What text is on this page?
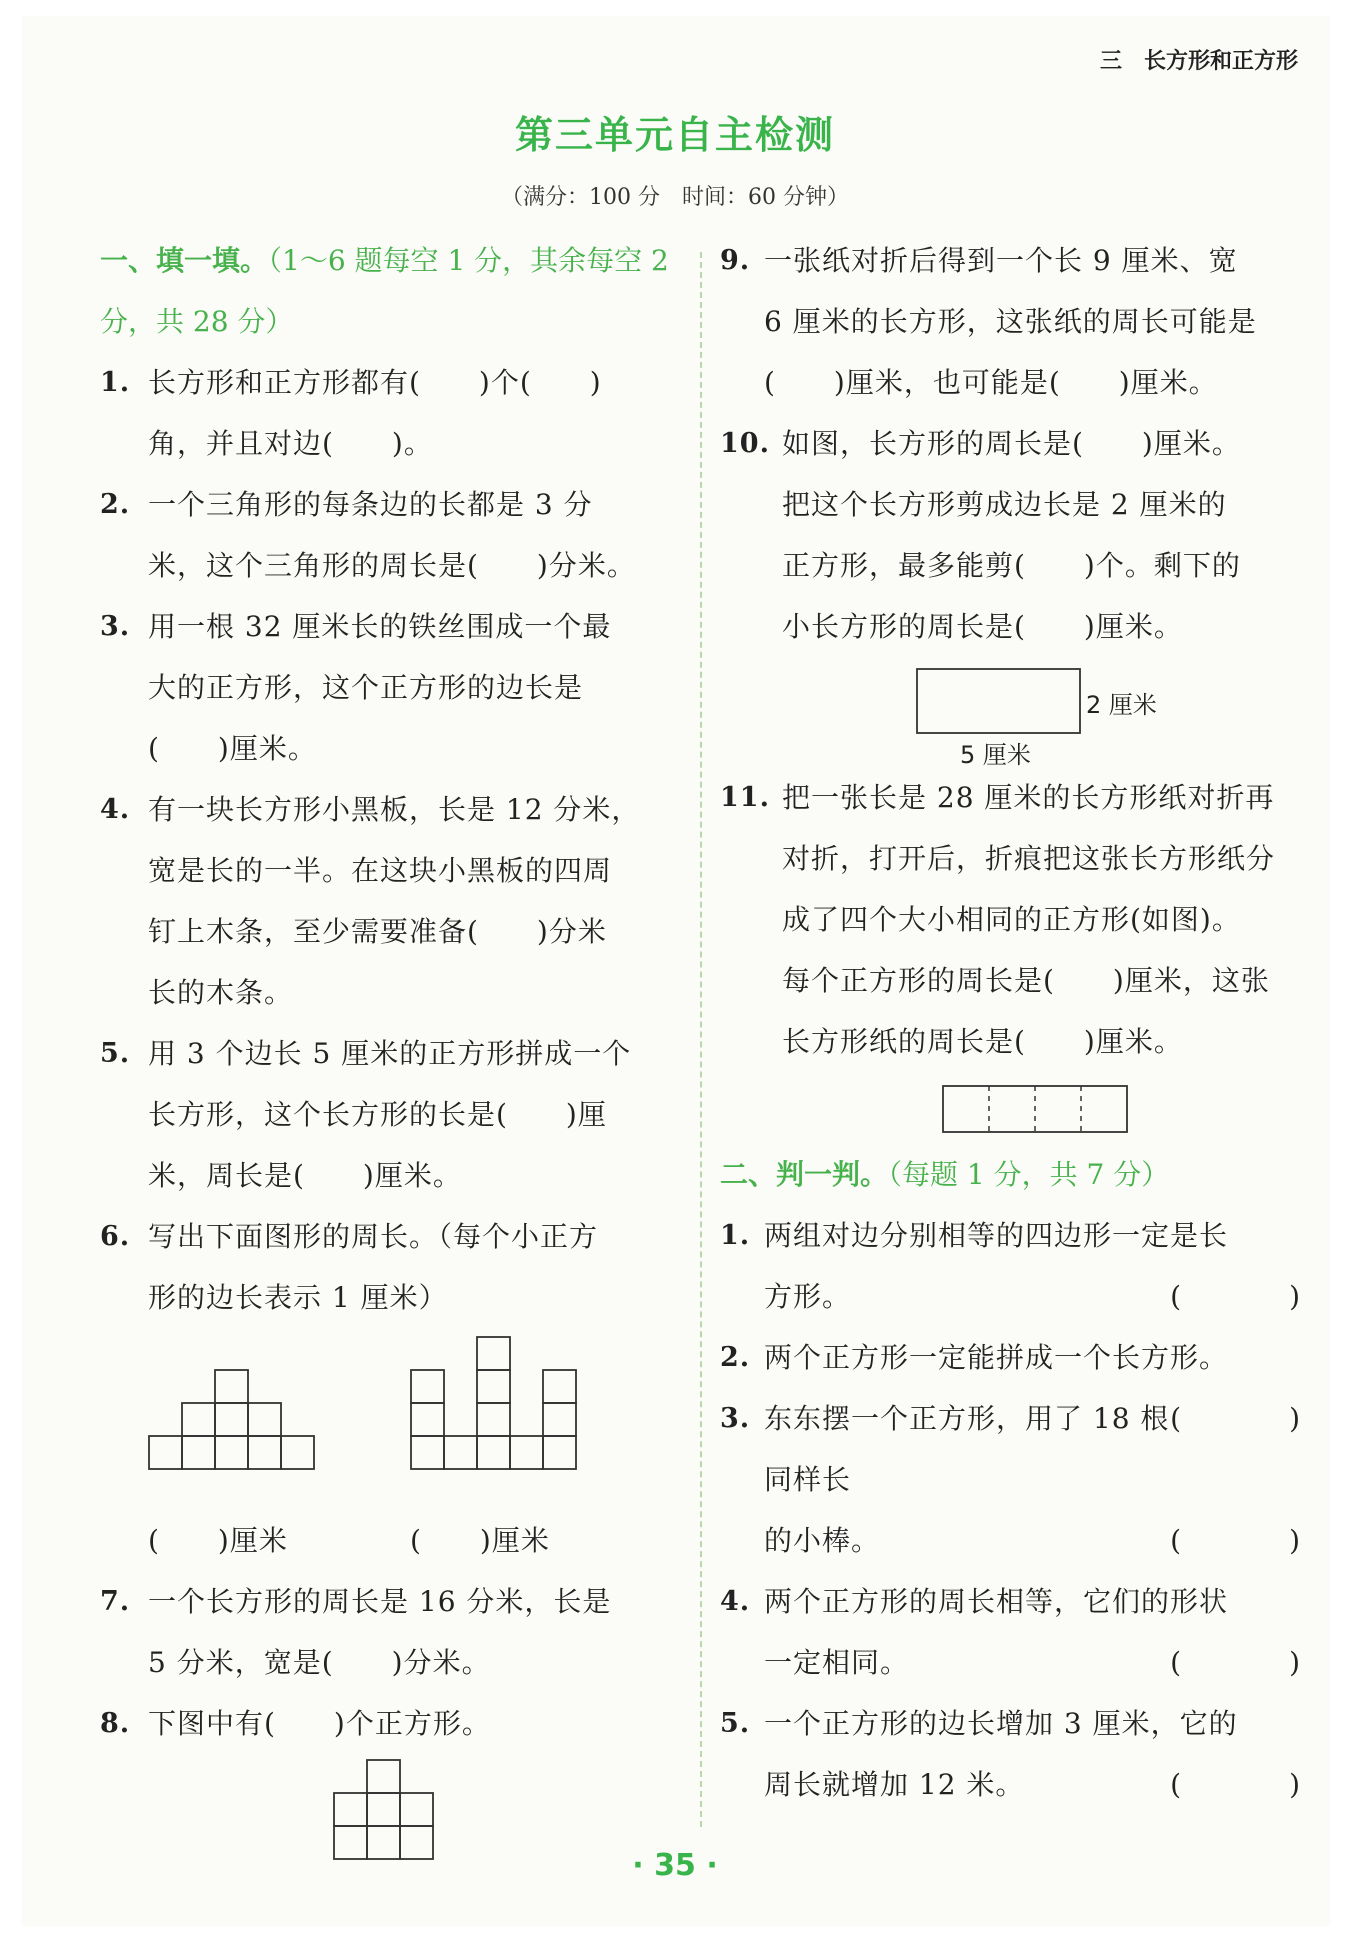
三　长方形和正方形
第三单元自主检测
（满分：100 分　时间：60 分钟）
一、填一填。（1～6 题每空 1 分，其余每空 2 分，共 28 分）
1. 长方形和正方形都有(　　)个(　　)
角，并且对边(　　)。
2. 一个三角形的每条边的长都是 3 分
米，这个三角形的周长是(　　)分米。
3. 用一根 32 厘米长的铁丝围成一个最
大的正方形，这个正方形的边长是
(　　)厘米。
4. 有一块长方形小黑板，长是 12 分米，
宽是长的一半。在这块小黑板的四周
钉上木条，至少需要准备(　　)分米
长的木条。
5. 用 3 个边长 5 厘米的正方形拼成一个
长方形，这个长方形的长是(　　)厘
米，周长是(　　)厘米。
6. 写出下面图形的周长。（每个小正方
形的边长表示 1 厘米）
(　　)厘米	(　　)厘米
7. 一个长方形的周长是 16 分米，长是
5 分米，宽是(　　)分米。
8. 下图中有(　　)个正方形。
9. 一张纸对折后得到一个长 9 厘米、宽
6 厘米的长方形，这张纸的周长可能是
(　　)厘米，也可能是(　　)厘米。
10. 如图，长方形的周长是(　　)厘米。
把这个长方形剪成边长是 2 厘米的
正方形，最多能剪(　　)个。剩下的
小长方形的周长是(　　)厘米。
2 厘米
5 厘米
11. 把一张长是 28 厘米的长方形纸对折再
对折，打开后，折痕把这张长方形纸分
成了四个大小相同的正方形(如图)。
每个正方形的周长是(　　)厘米，这张
长方形纸的周长是(　　)厘米。
二、判一判。（每题 1 分，共 7 分）
1. 两组对边分别相等的四边形一定是长
方形。	(　)
2. 两个正方形一定能拼成一个长方形。
(　)
3. 东东摆一个正方形，用了 18 根同样长
的小棒。	(　)
4. 两个正方形的周长相等，它们的形状
一定相同。	(　)
5. 一个正方形的边长增加 3 厘米，它的
周长就增加 12 米。	(　)
· 35 ·
